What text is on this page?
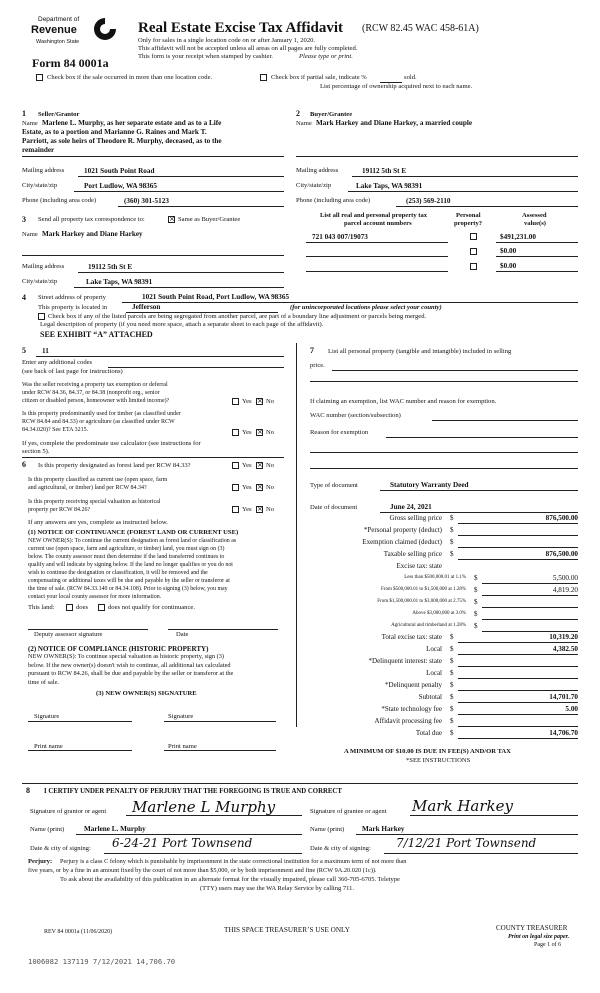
Department of
Revenue
Washington State
Form 84 0001a
Real Estate Excise Tax Affidavit (RCW 82.45 WAC 458-61A)
Only for sales in a single location code on or after January 1, 2020.
This affidavit will not be accepted unless all areas on all pages are fully completed.
This form is your receipt when stamped by cashier.	Please type or print.
Check box if the sale occurred in more than one location code.	Check box if partial sale, indicate %	sold.
List percentage of ownership acquired next to each name.
1 Seller/Grantor
Name Marlene L. Murphy, as her separate estate and as to a Life
Estate, as to a portion and Marianne G. Raines and Mark T.
Parriott, as sole heirs of Theodore R. Murphy, deceased, as to the
remainder
Mailing address	1021 South Point Road
City/state/zip	Port Ludlow, WA 98365
Phone (including area code)	(360) 301-5123
2 Buyer/Grantee
Name Mark Harkey and Diane Harkey, a married couple
Mailing address	19112 5th St E
City/state/zip	Lake Taps, WA 98391
Phone (including area code)	(253) 569-2110
3 Send all property tax correspondence to:	× Same as Buyer/Grantee
Name Mark Harkey and Diane Harkey
Mailing address	19112 5th St E
City/state/zip	Lake Taps, WA 98391
List all real and personal property tax
parcel account numbers
Personal
property?
Assessed
value(s)
721 043 007/19073	$491,231.00
$0.00
$0.00
4 Street address of property	1021 South Point Road, Port Ludlow, WA 98365
This property is located in	Jefferson	(for unincorporated locations please select your county)
Check box if any of the listed parcels are being segregated from another parcel, are part of a boundary line adjustment or parcels being merged.
Legal description of property (if you need more space, attach a separate sheet to each page of the affidavit).
SEE EXHIBIT “A” ATTACHED
5 11
Enter any additional codes
(see back of last page for instructions)
Was the seller receiving a property tax exemption or deferral
under RCW 84.36, 84.37, or 84.38 (nonprofit org., senior
citizen or disabled person, homeowner with limited income)?	Yes × No
Is this property predominantly used for timber (as classified under
RCW 84.84 and 84.33) or agriculture (as classified under RCW
84.34.020)? See ETA 3215.	Yes × No
If yes, complete the predominate use calculator (see instructions for
section 5).
6 Is this property designated as forest land per RCW 84.33?	Yes × No
Is this property classified as current use (open space, farm
and agricultural, or timber) land per RCW 84.34?	Yes × No
Is this property receiving special valuation as historical
property per RCW 84.26?	Yes × No
If any answers are yes, complete as instructed below.
(1) NOTICE OF CONTINUANCE (FOREST LAND OR CURRENT USE)
NEW OWNER(S): To continue the current designation as forest land or classification as
current use (open space, farm and agriculture, or timber) land, you must sign on (3)
below. The county assessor must then determine if the land transferred continues to
qualify and will indicate by signing below. If the land no longer qualifies or you do not
wish to continue the designation or classification, it will be removed and the
compensating or additional taxes will be due and payable by the seller or transferor at
the time of sale. (RCW 84.33.140 or 84.34.108). Prior to signing (3) below, you may
contact your local county assessor for more information.
This land:	does	does not qualify for continuance.
Deputy assessor signature	Date
(2) NOTICE OF COMPLIANCE (HISTORIC PROPERTY)
NEW OWNER(S): To continue special valuation as historic property, sign (3)
below. If the new owner(s) doesn't wish to continue, all additional tax calculated
pursuant to RCW 84.26, shall be due and payable by the seller or transferor at the
time of sale.
(3) NEW OWNER(S) SIGNATURE
Signature	Signature
Print name	Print name
7 List all personal property (tangible and intangible) included in selling
price.
If claiming an exemption, list WAC number and reason for exemption.
WAC number (section/subsection)
Reason for exemption
Type of document	Statutory Warranty Deed
Date of document	June 24, 2021
Gross selling price $	876,500.00
*Personal property (deduct) $
Exemption claimed (deduct) $
Taxable selling price $	876,500.00
Excise tax: state
Less than $500,000.01 at 1.1% $	5,500.00
From $500,000.01 to $1,500,000 at 1.28% $	4,819.20
From $1,500,000.01 to $3,000,000 at 2.75% $
Above $3,000,000 at 3.0% $
Agricultural and timberland at 1.28% $
Total excise tax: state $	10,319.20
Local $	4,382.50
*Delinquent interest: state $
Local $
*Delinquent penalty $
Subtotal $	14,701.70
*State technology fee $	5.00
Affidavit processing fee $
Total due $	14,706.70
A MINIMUM OF $10.00 IS DUE IN FEE(S) AND/OR TAX
*SEE INSTRUCTIONS
8 I CERTIFY UNDER PENALTY OF PERJURY THAT THE FOREGOING IS TRUE AND CORRECT
Signature of grantor or agent Marlene L Murphy	Signature of grantee or agent Mark Harkey
Name (print)	Marlene L. Murphy	Name (print) Mark Harkey
Date & city of signing: 6-24-21 Port Townsend	Date & city of signing: 7/12/21 Port Townsend
Perjury: Perjury is a class C felony which is punishable by imprisonment in the state correctional institution for a maximum term of not more than
five years, or by a fine in an amount fixed by the court of not more than $5,000, or by both imprisonment and fine (RCW 9A.20.020 (1c)).
To ask about the availability of this publication in an alternate format for the visually impaired, please call 360-705-6705. Teletype
(TTY) users may use the WA Relay Service by calling 711.
REV 84 0001a (11/06/2020)	THIS SPACE TREASURER’S USE ONLY	COUNTY TREASURER
Print on legal size paper.
Page 1 of 6
1006082 137119 7/12/2021 14,706.70
